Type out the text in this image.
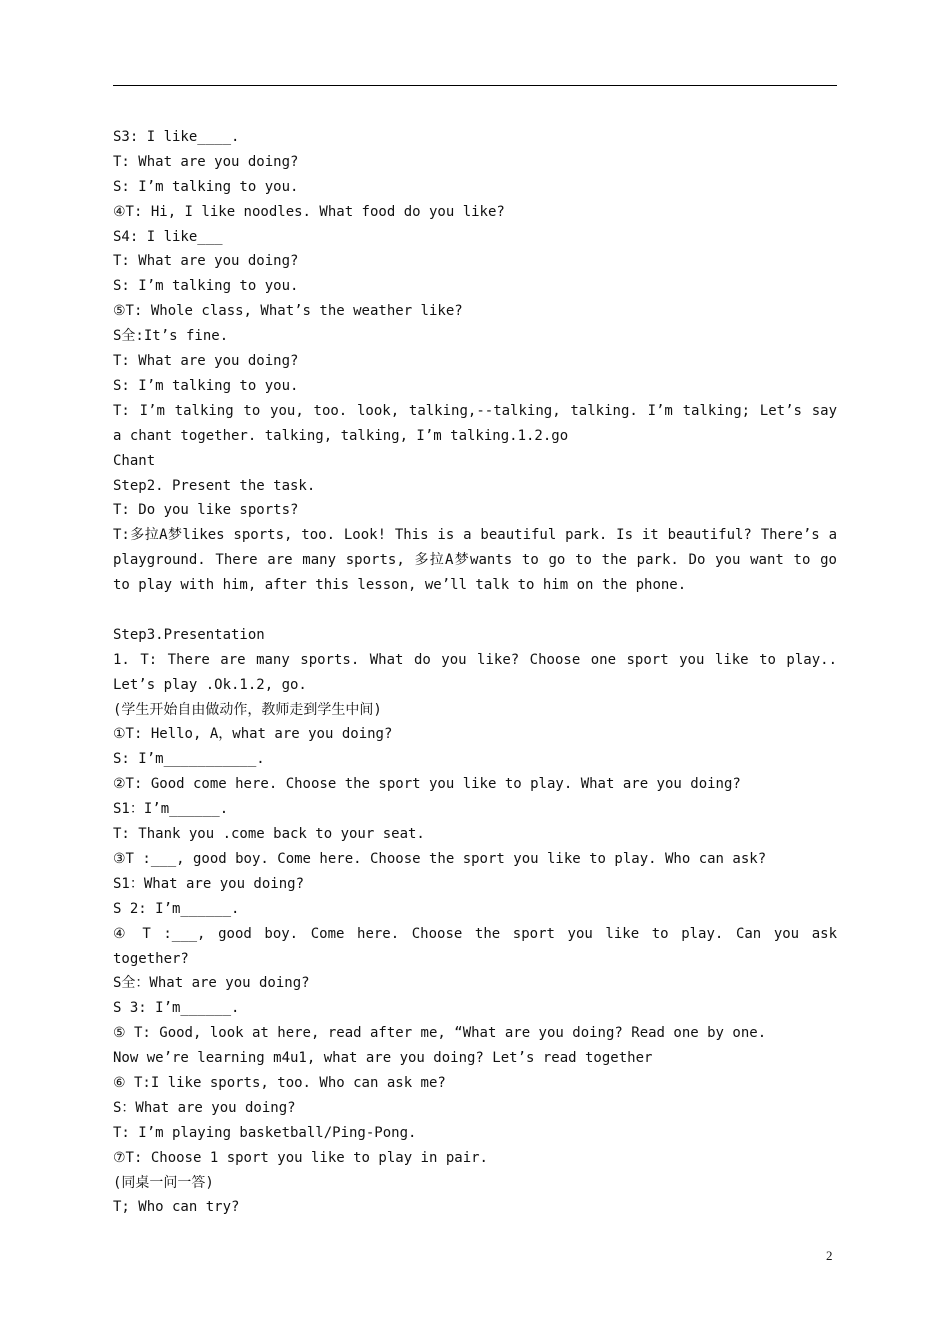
S3: I like____.
T: What are you doing?
S: I’m talking to you.
④T: Hi, I like noodles. What food do you like?
S4: I like___
T: What are you doing?
S: I’m talking to you.
⑤T: Whole class, What’s the weather like?
S全:It’s fine.
T: What are you doing?
S: I’m talking to you.
T: I’m talking to you, too. look, talking,--talking, talking. I’m talking; Let’s say a chant together. talking, talking, I’m talking.1.2.go
Chant
Step2. Present the task.
T: Do you like sports?
T:多拉A梦likes sports, too. Look! This is a beautiful park. Is it beautiful? There’s a playground. There are many sports, 多拉A梦wants to go to the park. Do you want to go to play with him, after this lesson, we’ll talk to him on the phone.
Step3.Presentation
1. T: There are many sports. What do you like? Choose one sport you like to play.. Let’s play .Ok.1.2, go.
(学生开始自由做动作，教师走到学生中间)
①T: Hello, A，what are you doing?
S: I’m___________.
②T: Good come here. Choose the sport you like to play. What are you doing?
S1：I’m______.
T: Thank you .come back to your seat.
③T :___, good boy. Come here. Choose the sport you like to play. Who can ask?
S1：What are you doing?
S 2: I’m______.
④ T :___, good boy. Come here. Choose the sport you like to play. Can you ask together?
S全：What are you doing?
S 3: I’m______.
⑤ T: Good, look at here, read after me, “What are you doing? Read one by one.
Now we’re learning m4u1, what are you doing? Let’s read together
⑥ T:I like sports, too. Who can ask me?
S：What are you doing?
T: I’m playing basketball/Ping-Pong.
⑦T: Choose 1 sport you like to play in pair.
(同桌一问一答)
T; Who can try?
2
